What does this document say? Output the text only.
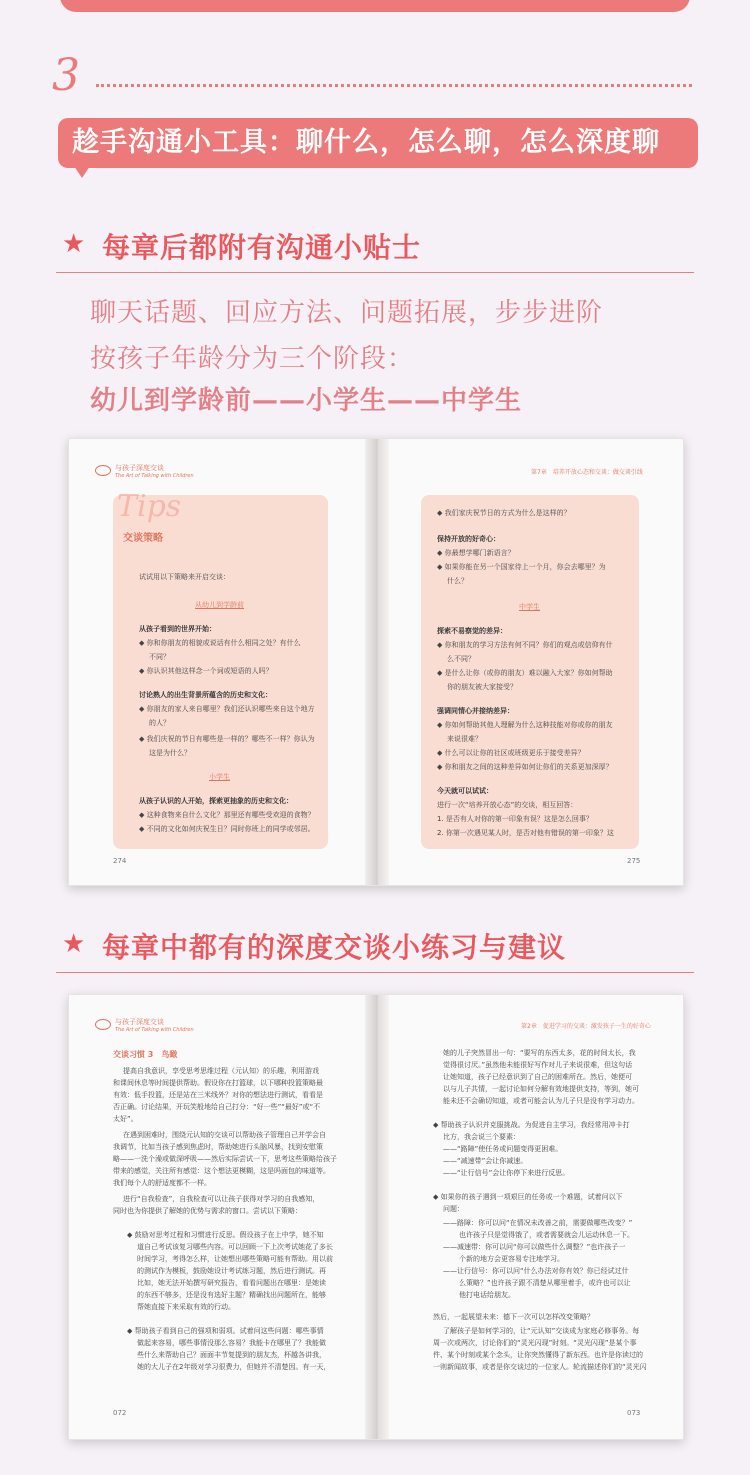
3
趁手沟通小工具：聊什么，怎么聊，怎么深度聊
★ 每章后都附有沟通小贴士
聊天话题、回应方法、问题拓展，步步进阶
按孩子年龄分为三个阶段：
幼儿到学龄前——小学生——中学生
与孩子深度交谈
The Art of Talking with Children
Tips
交谈策略
试试用以下策略来开启交谈：
从幼儿到学龄前
从孩子看到的世界开始：
◆ 你和你朋友的相貌或说话有什么相同之处？有什么
不同？
◆ 你认识其他这样念一个词或短语的人吗？
讨论熟人的出生背景所蕴含的历史和文化：
◆ 你朋友的家人来自哪里？我们还认识哪些来自这个地方
的人？
◆ 我们庆祝的节日有哪些是一样的？哪些不一样？你认为
这是为什么？
小学生
从孩子认识的人开始，探索更抽象的历史和文化：
◆ 这种食物来自什么文化？那里还有哪些受欢迎的食物？
◆ 不同的文化如何庆祝生日？同时你班上的同学或邻居。
274
第7章　培养开放心态和交谈：做交谈引线
◆ 我们家庆祝节日的方式为什么是这样的？
保持开放的好奇心：
◆ 你最想学哪门新语言？
◆ 如果你能在另一个国家待上一个月，你会去哪里？为
什么？
中学生
探索不易察觉的差异：
◆ 你和朋友的学习方法有何不同？你们的观点或信仰有什
么不同？
◆ 是什么让你（或你的朋友）难以融入大家？你如何帮助
你的朋友被大家接受？
强调同情心并接纳差异：
◆ 你如何帮助其他人理解为什么这种技能对你或你的朋友
来说很难？
◆ 什么可以让你的社区或班级更乐于接受差异？
◆ 你和朋友之间的这种差异如何让你们的关系更加深厚？
今天就可以试试：
进行一次“培养开放心态”的交谈，相互回答：
1. 是否有人对你的第一印象有误？这是怎么回事？
2. 你第一次遇见某人时，是否对他有错误的第一印象？这
275
★ 每章中都有的深度交谈小练习与建议
与孩子深度交谈
The Art of Talking with Children
交谈习惯 3　鸟瞰
提高自我意识，享受思考思维过程（元认知）的乐趣，利用游戏
和课间休息等时间提供帮助。假设你在打篮球，以下哪种投篮策略最
有效：低手投篮，还是站在三米线外？对你的想法进行测试，看看是
否正确。讨论结果，开玩笑般地给自己打分：“好一些”“最好”或“不
太好”。
在遇到困难时，围绕元认知的交谈可以帮助孩子管理自己并学会自
我调节，比如当孩子感到焦虑时，帮助她进行头脑风暴，找到安慰策
略——一洗个澡或做深呼吸——然后实际尝试一下，思考这些策略给孩子
带来的感觉，关注所有感觉：这个想法更模糊，这是吗面包的味道等。
我们每个人的舒适度都不一样。
进行“自我检查”，自我检查可以让孩子获得对学习的自我感知，
同时也为你提供了解她的优势与需求的窗口。尝试以下策略：
◆ 鼓励对思考过程和习惯进行反思。假设孩子在上中学，她不知
道自己考试该复习哪些内容。可以回顾一下上次考试她花了多长
时间学习，考得怎么样，让她想出哪些策略可能有帮助。用以前
的测试作为模板，鼓励她设计考试练习题，然后进行测试。再
比如，她无法开始撰写研究报告，看看问题出在哪里：是她读
的东西不够多，还是没有选好主题？精确找出问题所在，能够
帮她直接下来采取有效的行动。
◆ 帮助孩子看到自己的强项和弱项。试着问这些问题：哪些事情
做起来容易，哪些事情没那么容易？我能卡在哪里了？我能做
些什么来帮助自己？面面丰节复提到的朋友杰，杯越各讲我，
她的大儿子在2年级对学习很费力，但她并不清楚因。有一天，
072
第2章　促进学习的交谈：激发孩子一生的好奇心
她的儿子突然冒出一句：“要写的东西太多，花的时间太长，我
觉得很讨厌。”虽然他未能很好写作对儿子来说很难，但这句话
让她知道，孩子已经意识到了自己的困难所在。然后，她便可
以与儿子共情，一起讨论如何分解有效地提供支持，等到，她可
能未还不会确切知道，或者可能会认为儿子只是没有学习动力。
◆ 帮助孩子认识并克服挑战。为促进自主学习，我经常用冲卡打
比方，我会说三个要素：
——“路障”使任务或问题变得更困难。
——“减速带”会让你减速。
——“让行信号”会让你停下来进行反思。
◆ 如果你的孩子遇到一项艰巨的任务或一个难题，试着问以下
问题：
——路障：你可以问“在情况未改善之前，需要做哪些改变？”
也许孩子只是觉得饿了，或者需要就会儿运动休息一下。
——减速带：你可以问“你可以做些什么调整？”也许孩子一
个新的地方会更容易专注地学习。
——让行信号：你可以问“什么办法对你有效？你已经试过什
么策略？”也许孩子跟不清楚从哪里着手，或许也可以让
他打电话给朋友。
然后，一起展望未来：德下一次可以怎样改变策略？
了解孩子是如何学习的，让“元认知”交谈成为家庭必修事务。每
周一次或两次，讨论你们的“灵光闪现”时刻。“灵光闪现”是某个事
件、某个时刻或某个念头，让你突然懂得了新东西。也许是你读过的
一则新闻故事，或者是你交谈过的一位家人。轮流描述你们的“灵光闪
073
